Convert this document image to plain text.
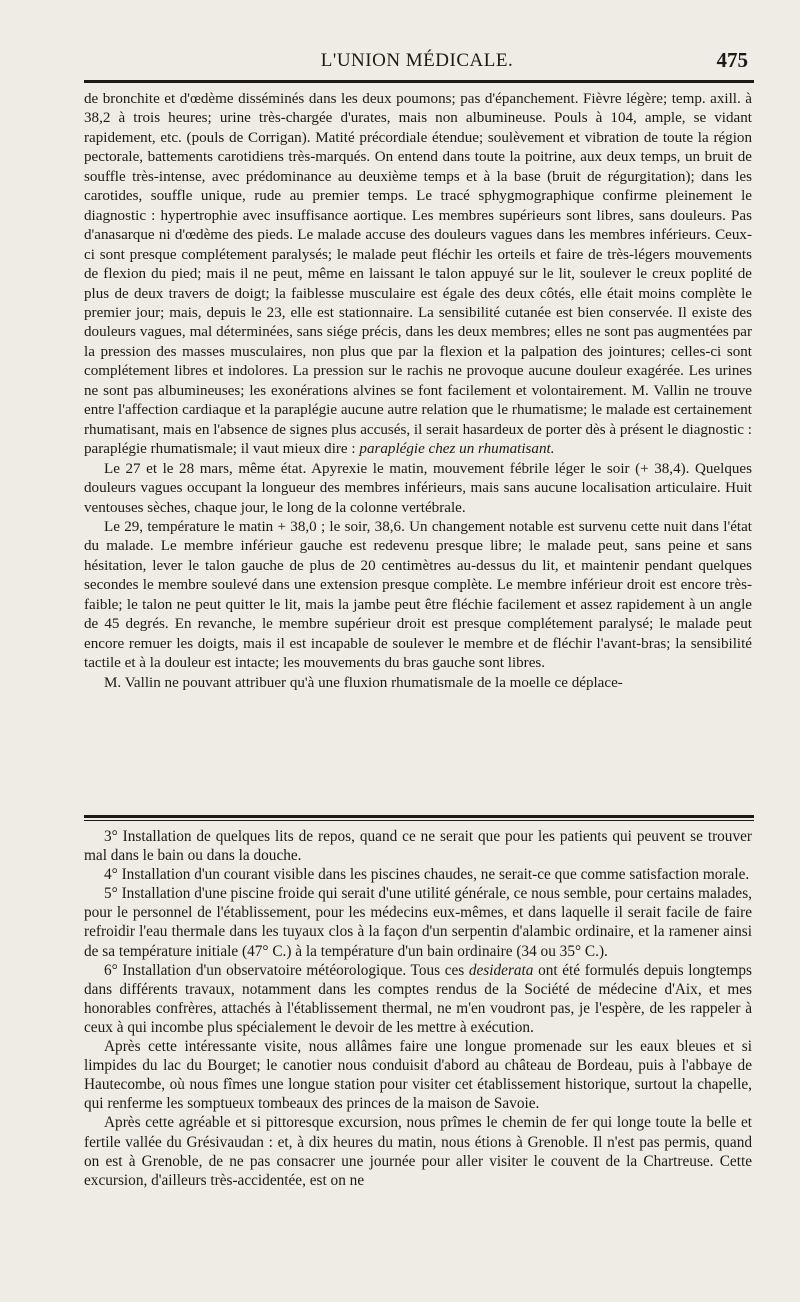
L'UNION MÉDICALE.	475

de bronchite et d'œdème disséminés dans les deux poumons; pas d'épanchement. Fièvre légère; temp. axill. à 38,2 à trois heures; urine très-chargée d'urates, mais non albumineuse. Pouls à 104, ample, se vidant rapidement, etc. (pouls de Corrigan). Matité précordiale étendue; soulèvement et vibration de toute la région pectorale, battements carotidiens très-marqués. On entend dans toute la poitrine, aux deux temps, un bruit de souffle très-intense, avec prédominance au deuxième temps et à la base (bruit de régurgitation); dans les carotides, souffle unique, rude au premier temps. Le tracé sphygmographique confirme pleinement le diagnostic : hypertrophie avec insuffisance aortique. Les membres supérieurs sont libres, sans douleurs. Pas d'anasarque ni d'œdème des pieds. Le malade accuse des douleurs vagues dans les membres inférieurs. Ceux-ci sont presque complétement paralysés; le malade peut fléchir les orteils et faire de très-légers mouvements de flexion du pied; mais il ne peut, même en laissant le talon appuyé sur le lit, soulever le creux poplité de plus de deux travers de doigt; la faiblesse musculaire est égale des deux côtés, elle était moins complète le premier jour; mais, depuis le 23, elle est stationnaire. La sensibilité cutanée est bien conservée. Il existe des douleurs vagues, mal déterminées, sans siége précis, dans les deux membres; elles ne sont pas augmentées par la pression des masses musculaires, non plus que par la flexion et la palpation des jointures; celles-ci sont complétement libres et indolores. La pression sur le rachis ne provoque aucune douleur exagérée. Les urines ne sont pas albumineuses; les exonérations alvines se font facilement et volontairement. M. Vallin ne trouve entre l'affection cardiaque et la paraplégie aucune autre relation que le rhumatisme; le malade est certainement rhumatisant, mais en l'absence de signes plus accusés, il serait hasardeux de porter dès à présent le diagnostic : paraplégie rhumatismale; il vaut mieux dire : paraplégie chez un rhumatisant.

Le 27 et le 28 mars, même état. Apyrexie le matin, mouvement fébrile léger le soir (+ 38,4). Quelques douleurs vagues occupant la longueur des membres inférieurs, mais sans aucune localisation articulaire. Huit ventouses sèches, chaque jour, le long de la colonne vertébrale.

Le 29, température le matin + 38,0 ; le soir, 38,6. Un changement notable est survenu cette nuit dans l'état du malade. Le membre inférieur gauche est redevenu presque libre; le malade peut, sans peine et sans hésitation, lever le talon gauche de plus de 20 centimètres au-dessus du lit, et maintenir pendant quelques secondes le membre soulevé dans une extension presque complète. Le membre inférieur droit est encore très-faible; le talon ne peut quitter le lit, mais la jambe peut être fléchie facilement et assez rapidement à un angle de 45 degrés. En revanche, le membre supérieur droit est presque complétement paralysé; le malade peut encore remuer les doigts, mais il est incapable de soulever le membre et de fléchir l'avant-bras; la sensibilité tactile et à la douleur est intacte; les mouvements du bras gauche sont libres.

M. Vallin ne pouvant attribuer qu'à une fluxion rhumatismale de la moelle ce déplace-

3° Installation de quelques lits de repos, quand ce ne serait que pour les patients qui peuvent se trouver mal dans le bain ou dans la douche.

4° Installation d'un courant visible dans les piscines chaudes, ne serait-ce que comme satisfaction morale.

5° Installation d'une piscine froide qui serait d'une utilité générale, ce nous semble, pour certains malades, pour le personnel de l'établissement, pour les médecins eux-mêmes, et dans laquelle il serait facile de faire refroidir l'eau thermale dans les tuyaux clos à la façon d'un serpentin d'alambic ordinaire, et la ramener ainsi de sa température initiale (47° C.) à la température d'un bain ordinaire (34 ou 35° C.).

6° Installation d'un observatoire météorologique. Tous ces desiderata ont été formulés depuis longtemps dans différents travaux, notamment dans les comptes rendus de la Société de médecine d'Aix, et mes honorables confrères, attachés à l'établissement thermal, ne m'en voudront pas, je l'espère, de les rappeler à ceux à qui incombe plus spécialement le devoir de les mettre à exécution.

Après cette intéressante visite, nous allâmes faire une longue promenade sur les eaux bleues et si limpides du lac du Bourget; le canotier nous conduisit d'abord au château de Bordeau, puis à l'abbaye de Hautecombe, où nous fîmes une longue station pour visiter cet établissement historique, surtout la chapelle, qui renferme les somptueux tombeaux des princes de la maison de Savoie.

Après cette agréable et si pittoresque excursion, nous prîmes le chemin de fer qui longe toute la belle et fertile vallée du Grésivaudan : et, à dix heures du matin, nous étions à Grenoble. Il n'est pas permis, quand on est à Grenoble, de ne pas consacrer une journée pour aller visiter le couvent de la Chartreuse. Cette excursion, d'ailleurs très-accidentée, est on ne
